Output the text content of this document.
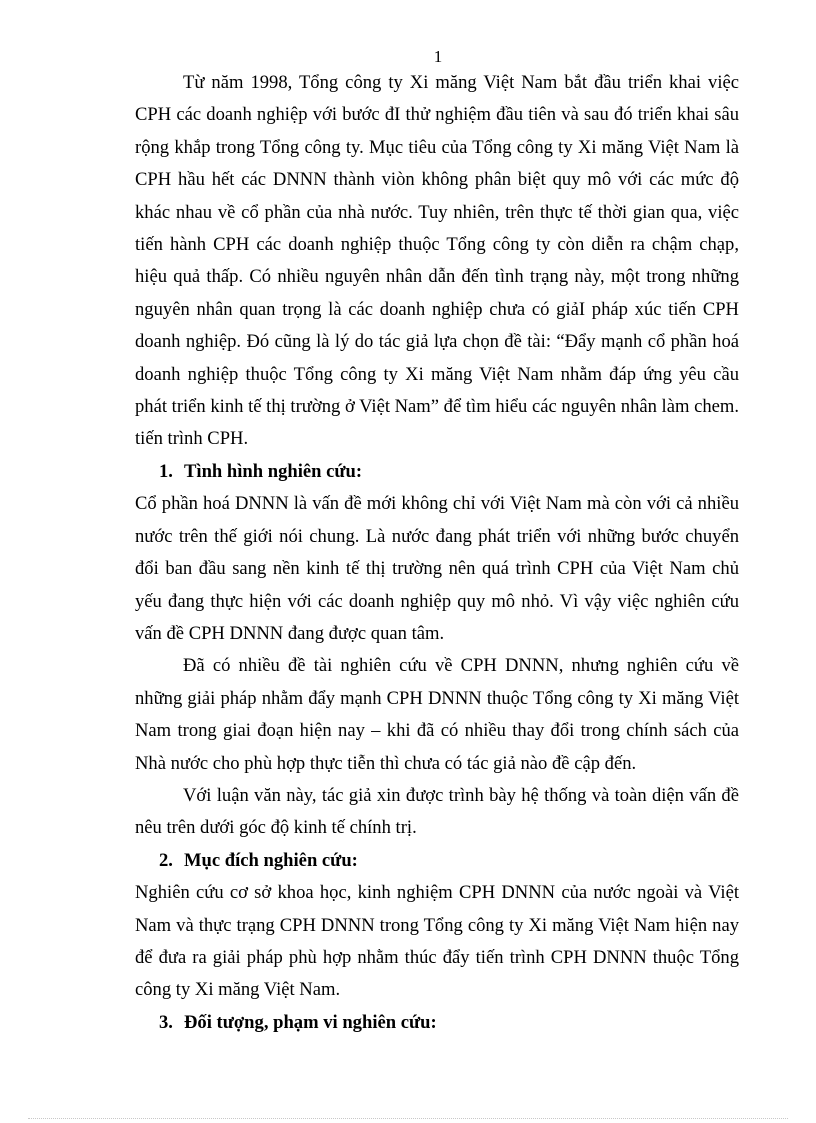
1

Từ năm 1998, Tổng công ty Xi măng Việt Nam bắt đầu triển khai việc CPH các doanh nghiệp với bước đI thử nghiệm đầu tiên và sau đó triển khai sâu rộng khắp trong Tổng công ty. Mục tiêu của Tổng công ty Xi măng Việt Nam là CPH hầu hết các DNNN thành viòn không phân biệt quy mô với các mức độ khác nhau về cổ phần của nhà nước. Tuy nhiên, trên thực tế thời gian qua, việc tiến hành CPH các doanh nghiệp thuộc Tổng công ty còn diễn ra chậm chạp, hiệu quả thấp. Có nhiều nguyên nhân dẫn đến tình trạng này, một trong những nguyên nhân quan trọng là các doanh nghiệp chưa có giảI pháp xúc tiến CPH doanh nghiệp. Đó cũng là lý do tác giả lựa chọn đề tài: “Đẩy mạnh cổ phần hoá doanh nghiệp thuộc Tổng công ty Xi măng Việt Nam nhằm đáp ứng yêu cầu phát triển kinh tế thị trường ở Việt Nam” để tìm hiểu các nguyên nhân làm chem. tiến trình CPH.

1. Tình hình nghiên cứu:

Cổ phần hoá DNNN là vấn đề mới không chỉ với Việt Nam mà còn với cả nhiều nước trên thế giới nói chung. Là nước đang phát triển với những bước chuyển đổi ban đầu sang nền kinh tế thị trường nên quá trình CPH của Việt Nam chủ yếu đang thực hiện với các doanh nghiệp quy mô nhỏ. Vì vậy việc nghiên cứu vấn đề CPH DNNN đang được quan tâm.

Đã có nhiều đề tài nghiên cứu về CPH DNNN, nhưng nghiên cứu về những giải pháp nhằm đẩy mạnh CPH DNNN thuộc Tổng công ty Xi măng Việt Nam trong giai đoạn hiện nay – khi đã có nhiều thay đổi trong chính sách của Nhà nước cho phù hợp thực tiễn thì chưa có tác giả nào đề cập đến.

Với luận văn này, tác giả xin được trình bày hệ thống và toàn diện vấn đề nêu trên dưới góc độ kinh tế chính trị.

2. Mục đích nghiên cứu:

Nghiên cứu cơ sở khoa học, kinh nghiệm CPH DNNN của nước ngoài và Việt Nam và thực trạng CPH DNNN trong Tổng công ty Xi măng Việt Nam hiện nay để đưa ra giải pháp phù hợp nhằm thúc đẩy tiến trình CPH DNNN thuộc Tổng công ty Xi măng Việt Nam.

3. Đối tượng, phạm vi nghiên cứu:
